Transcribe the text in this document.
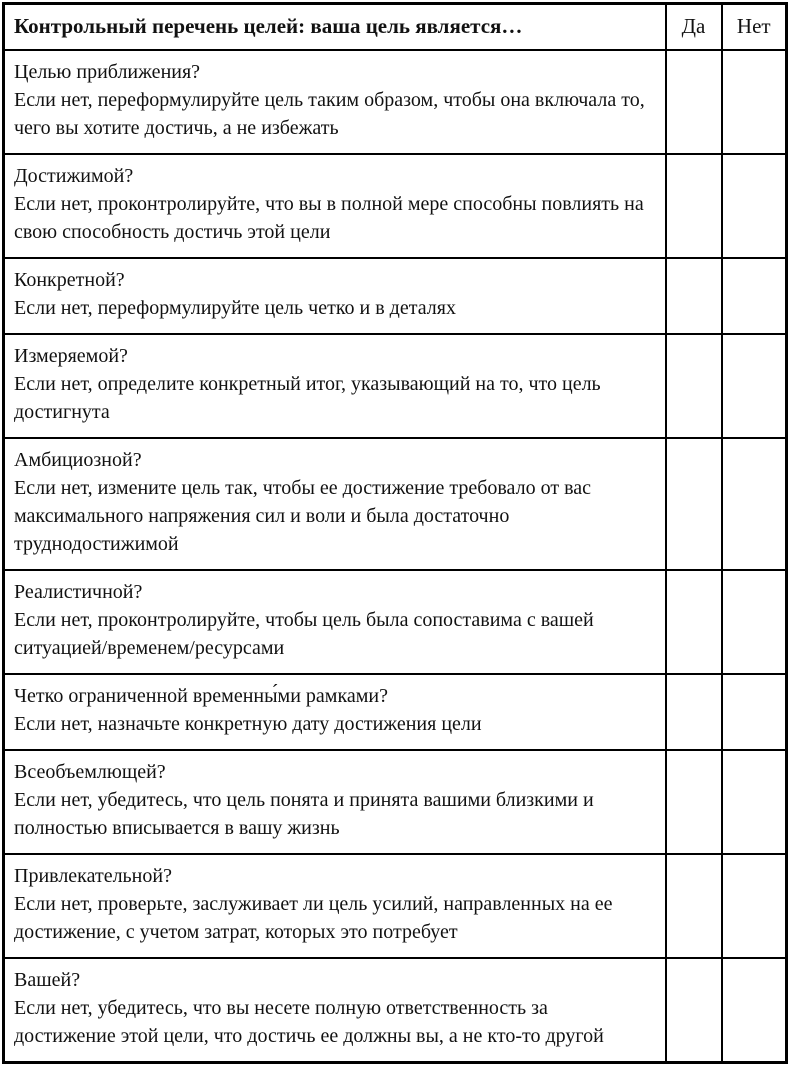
Контрольный перечень целей: ваша цель является…	Да	Нет

Целью приближения?
Если нет, переформулируйте цель таким образом, чтобы она включала то, чего вы хотите достичь, а не избежать		

Достижимой?
Если нет, проконтролируйте, что вы в полной мере способны повлиять на свою способность достичь этой цели		

Конкретной?
Если нет, переформулируйте цель четко и в деталях		

Измеряемой?
Если нет, определите конкретный итог, указывающий на то, что цель достигнута		

Амбициозной?
Если нет, измените цель так, чтобы ее достижение требовало от вас максимального напряжения сил и воли и была достаточно труднодостижимой		

Реалистичной?
Если нет, проконтролируйте, чтобы цель была сопоставима с вашей ситуацией/временем/ресурсами		

Четко ограниченной временны́ми рамками?
Если нет, назначьте конкретную дату достижения цели		

Всеобъемлющей?
Если нет, убедитесь, что цель понята и принята вашими близкими и полностью вписывается в вашу жизнь		

Привлекательной?
Если нет, проверьте, заслуживает ли цель усилий, направленных на ее достижение, с учетом затрат, которых это потребует		

Вашей?
Если нет, убедитесь, что вы несете полную ответственность за достижение этой цели, что достичь ее должны вы, а не кто-то другой		
